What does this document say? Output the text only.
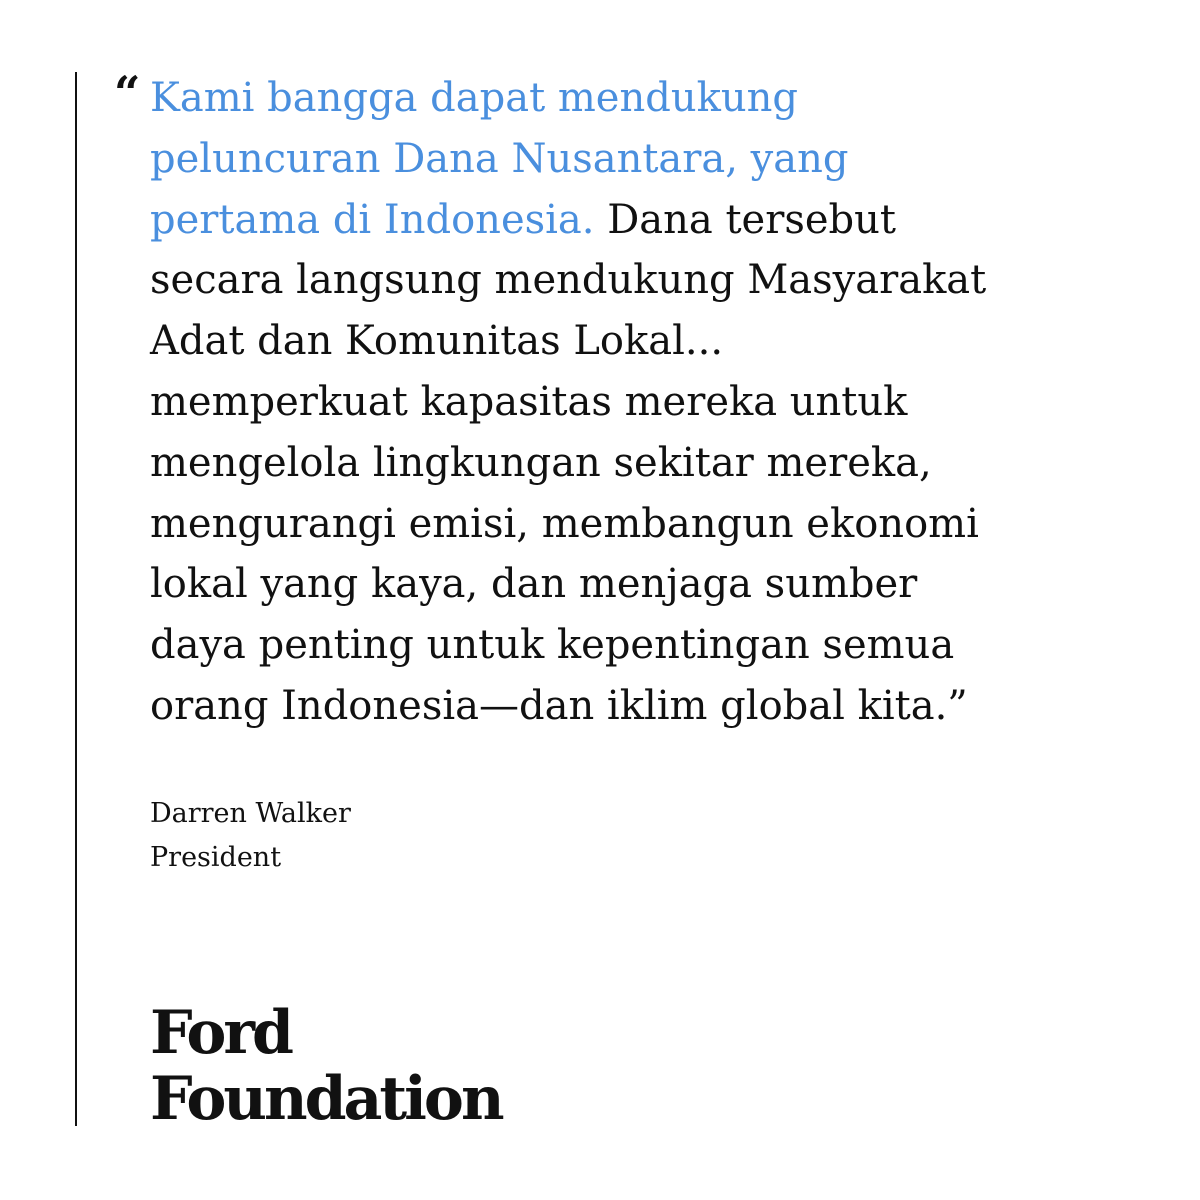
“ Kami bangga dapat mendukung
peluncuran Dana Nusantara, yang
pertama di Indonesia. Dana tersebut
secara langsung mendukung Masyarakat
Adat dan Komunitas Lokal...
memperkuat kapasitas mereka untuk
mengelola lingkungan sekitar mereka,
mengurangi emisi, membangun ekonomi
lokal yang kaya, dan menjaga sumber
daya penting untuk kepentingan semua
orang Indonesia—dan iklim global kita.”
Darren Walker
President
Ford
Foundation
